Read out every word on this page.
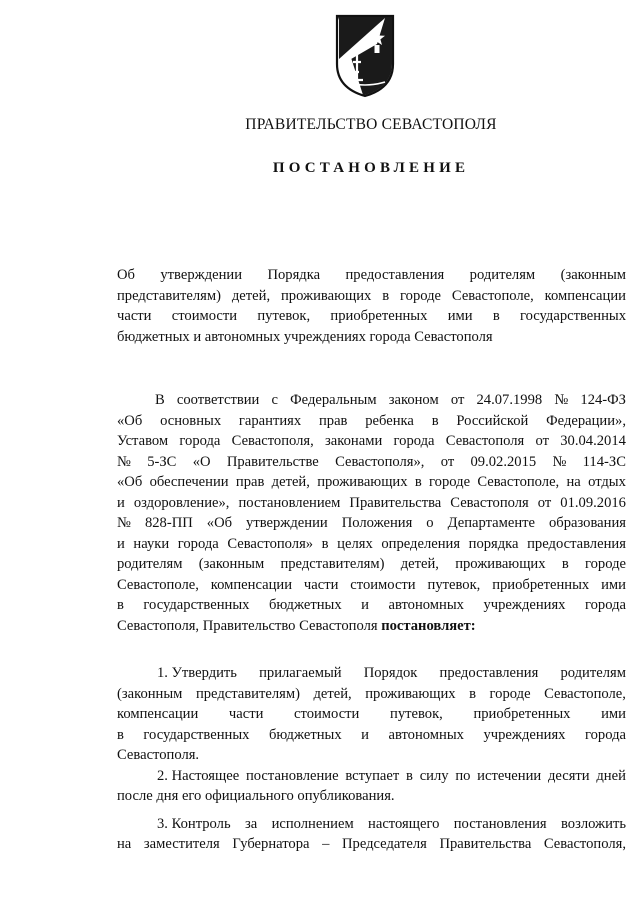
ПРАВИТЕЛЬСТВО СЕВАСТОПОЛЯ
ПОСТАНОВЛЕНИЕ
Об утверждении Порядка предоставления родителям (законным
представителям) детей, проживающих в городе Севастополе, компенсации
части стоимости путевок, приобретенных ими в государственных
бюджетных и автономных учреждениях города Севастополя
В соответствии с Федеральным законом от 24.07.1998 № 124-ФЗ
«Об основных гарантиях прав ребенка в Российской Федерации»,
Уставом города Севастополя, законами города Севастополя от 30.04.2014
№ 5-ЗС «О Правительстве Севастополя», от 09.02.2015 № 114-ЗС
«Об обеспечении прав детей, проживающих в городе Севастополе, на отдых
и оздоровление», постановлением Правительства Севастополя от 01.09.2016
№ 828-ПП «Об утверждении Положения о Департаменте образования
и науки города Севастополя» в целях определения порядка предоставления
родителям (законным представителям) детей, проживающих в городе
Севастополе, компенсации части стоимости путевок, приобретенных ими
в государственных бюджетных и автономных учреждениях города
Севастополя, Правительство Севастополя постановляет:
1. Утвердить прилагаемый Порядок предоставления родителям
(законным представителям) детей, проживающих в городе Севастополе,
компенсации части стоимости путевок, приобретенных ими
в государственных бюджетных и автономных учреждениях города
Севастополя.
2. Настоящее постановление вступает в силу по истечении десяти дней
после дня его официального опубликования.
3. Контроль за исполнением настоящего постановления возложить
на заместителя Губернатора – Председателя Правительства Севастополя,
